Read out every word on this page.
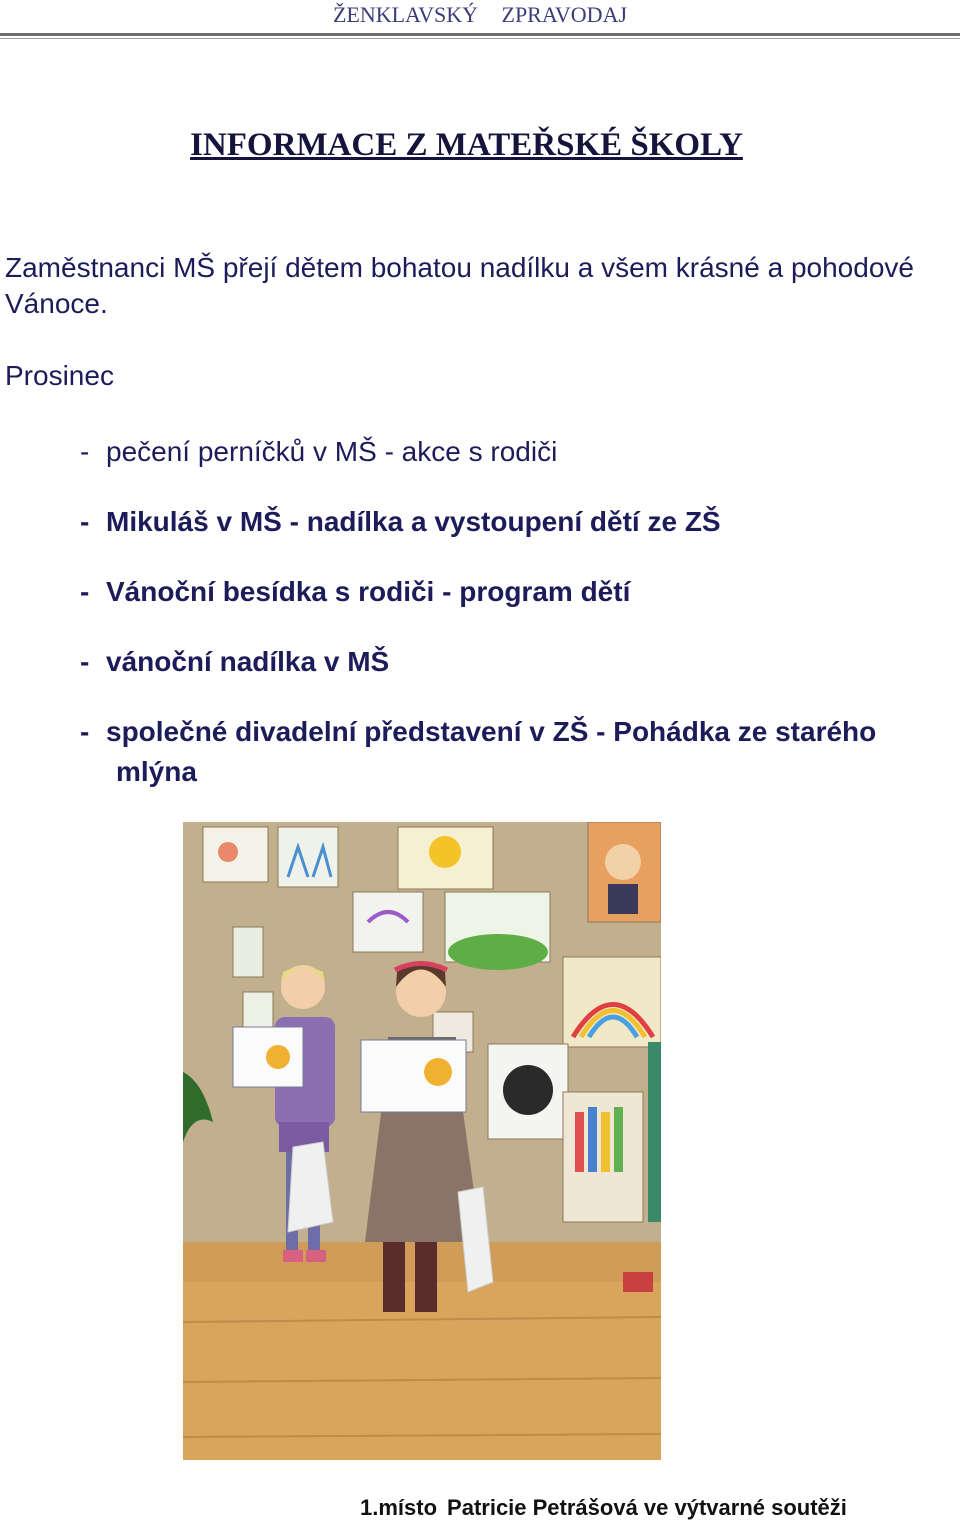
ŽENKLAVSKÝ ZPRAVODAJ
INFORMACE Z MATEŘSKÉ ŠKOLY
Zaměstnanci MŠ přejí dětem bohatou nadílku a všem krásné a pohodové Vánoce.
Prosinec
- pečení perníčků v MŠ - akce s rodiči
- Mikuláš v MŠ - nadílka a vystoupení dětí ze ZŠ
- Vánoční besídka s rodiči - program dětí
- vánoční nadílka v MŠ
- společné divadelní představení v ZŠ - Pohádka ze starého mlýna
1.místo Patricie Petrášová ve výtvarné soutěži
